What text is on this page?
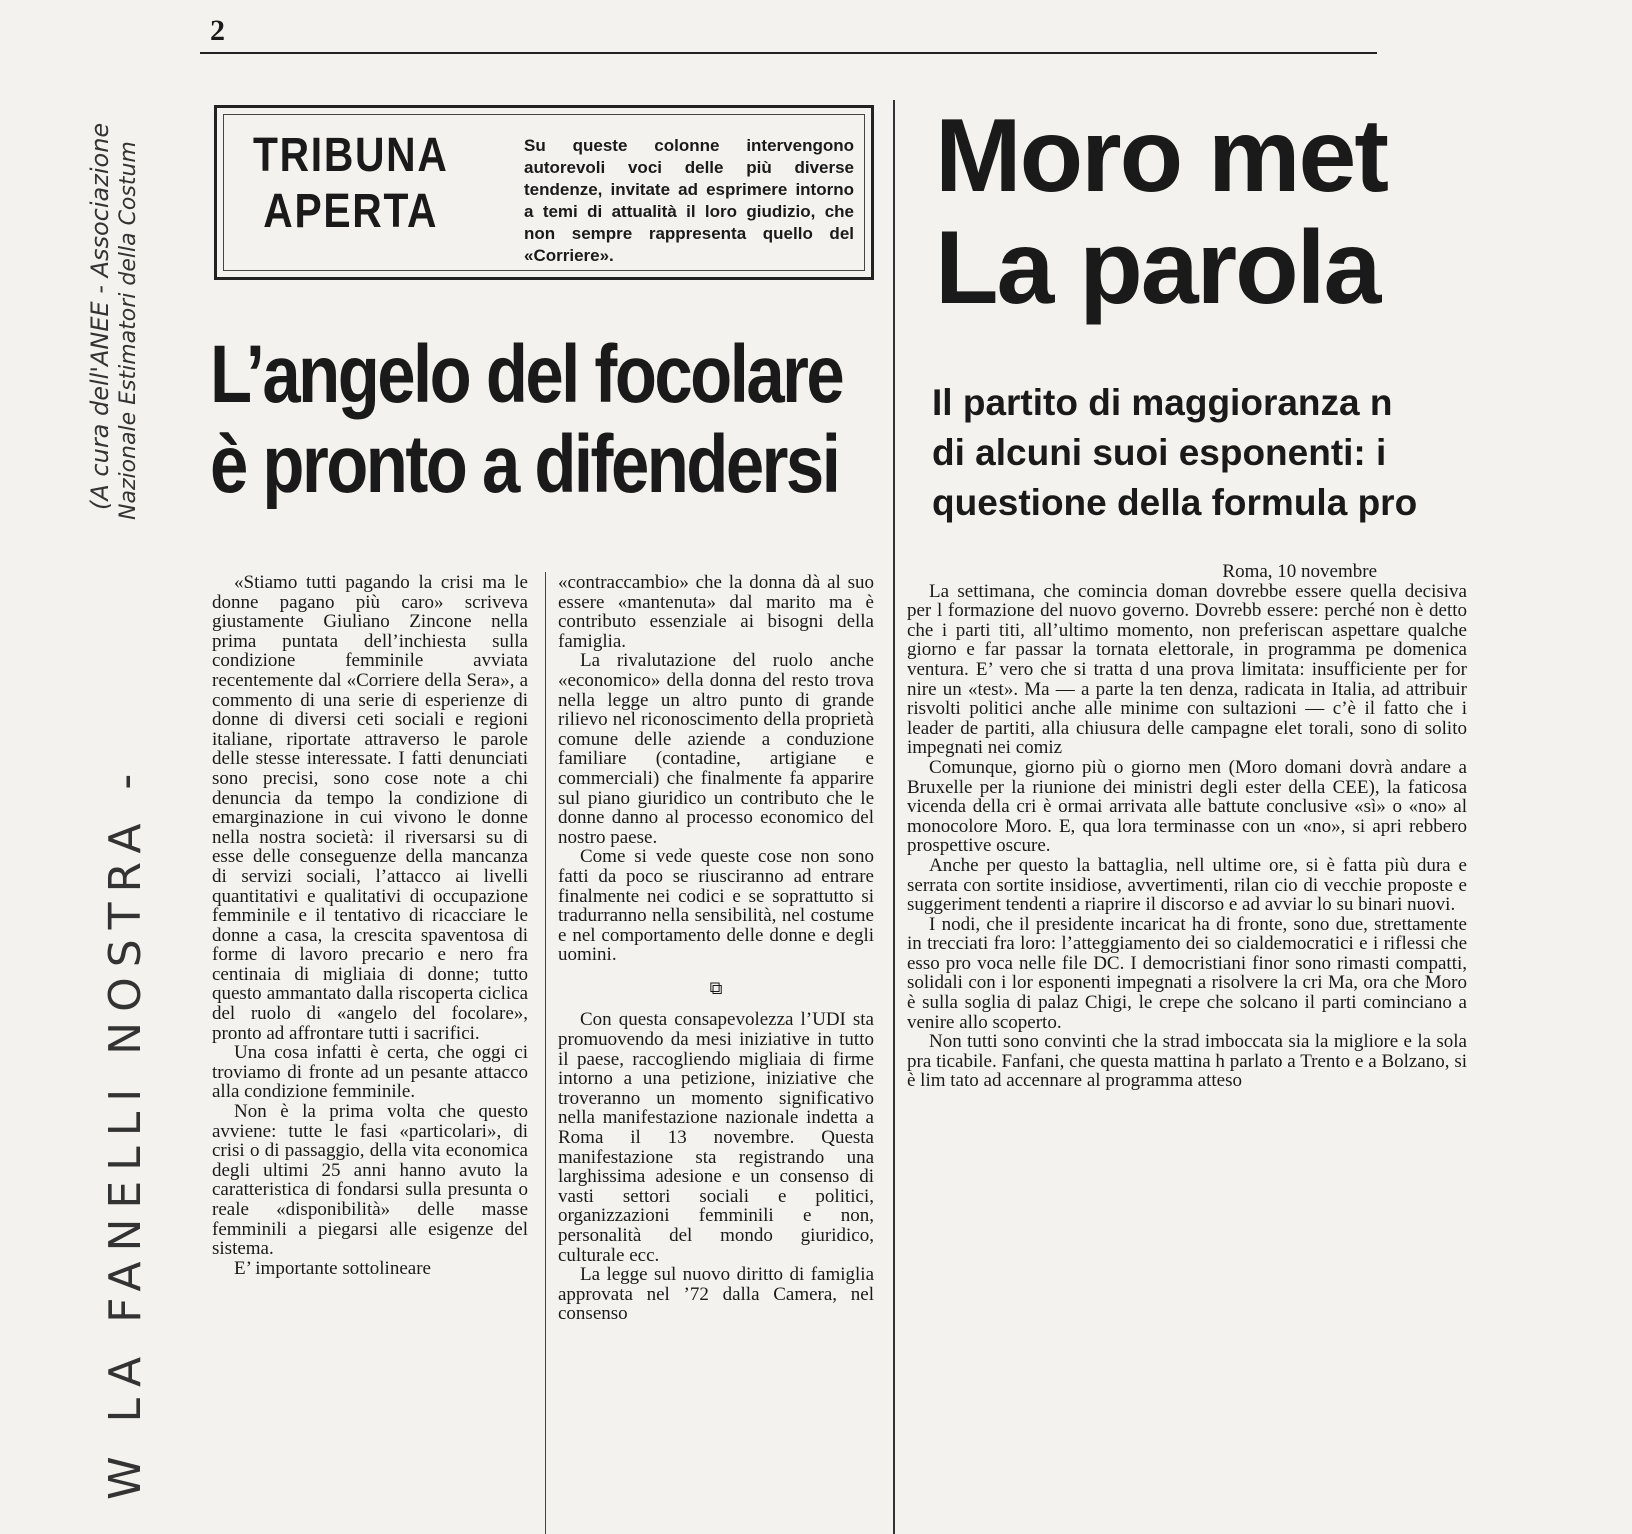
2
(A cura dell'ANEE - Associazione Nazionale Estimatori della Costum
W LA FANELLI NOSTRA -
TRIBUNA
APERTA
Su queste colonne intervengono autorevoli voci delle più diverse tendenze, invitate ad esprimere intorno a temi di attualità il loro giudizio, che non sempre rappresenta quello del «Corriere».
L’angelo del focolare
è pronto a difendersi

«Stiamo tutti pagando la crisi ma le donne pagano più caro» scriveva giustamente Giuliano Zincone nella prima puntata dell’inchiesta sulla condizione femminile avviata recentemente dal «Corriere della Sera», a commento di una serie di esperienze di donne di diversi ceti sociali e regioni italiane, riportate attraverso le parole delle stesse interessate. I fatti denunciati sono precisi, sono cose note a chi denuncia da tempo la condizione di emarginazione in cui vivono le donne nella nostra società: il riversarsi su di esse delle conseguenze della mancanza di servizi sociali, l’attacco ai livelli quantitativi e qualitativi di occupazione femminile e il tentativo di ricacciare le donne a casa, la crescita spaventosa di forme di lavoro precario e nero fra centinaia di migliaia di donne; tutto questo ammantato dalla riscoperta ciclica del ruolo di «angelo del focolare», pronto ad affrontare tutti i sacrifici.

Una cosa infatti è certa, che oggi ci troviamo di fronte ad un pesante attacco alla condizione femminile.

Non è la prima volta che questo avviene: tutte le fasi «particolari», di crisi o di passaggio, della vita economica degli ultimi 25 anni hanno avuto la caratteristica di fondarsi sulla presunta o reale «disponibilità» delle masse femminili a piegarsi alle esigenze del sistema.

E’ importante sottolineare

«contraccambio» che la donna dà al suo essere «mantenuta» dal marito ma è contributo essenziale ai bisogni della famiglia.

La rivalutazione del ruolo anche «economico» della donna del resto trova nella legge un altro punto di grande rilievo nel riconoscimento della proprietà comune delle aziende a conduzione familiare (contadine, artigiane e commerciali) che finalmente fa apparire sul piano giuridico un contributo che le donne danno al processo economico del nostro paese.

Come si vede queste cose non sono fatti da poco se riusciranno ad entrare finalmente nei codici e se soprattutto si tradurranno nella sensibilità, nel costume e nel comportamento delle donne e degli uomini.

⧉

Con questa consapevolezza l’UDI sta promuovendo da mesi iniziative in tutto il paese, raccogliendo migliaia di firme intorno a una petizione, iniziative che troveranno un momento significativo nella manifestazione nazionale indetta a Roma il 13 novembre. Questa manifestazione sta registrando una larghissima adesione e un consenso di vasti settori sociali e politici, organizzazioni femminili e non, personalità del mondo giuridico, culturale ecc.

La legge sul nuovo diritto di famiglia approvata nel ’72 dalla Camera, nel consenso

Moro met
La parola
Il partito di maggioranza n
di alcuni suoi esponenti: i
questione della formula pro
Roma, 10 novembre

La settimana, che comincia doman dovrebbe essere quella decisiva per l formazione del nuovo governo. Dovrebb essere: perché non è detto che i parti titi, all’ultimo momento, non preferiscan aspettare qualche giorno e far passar la tornata elettorale, in programma pe domenica ventura. E’ vero che si tratta d una prova limitata: insufficiente per for nire un «test». Ma — a parte la ten denza, radicata in Italia, ad attribuir risvolti politici anche alle minime con sultazioni — c’è il fatto che i leader de partiti, alla chiusura delle campagne elet torali, sono di solito impegnati nei comiz

Comunque, giorno più o giorno men (Moro domani dovrà andare a Bruxelle per la riunione dei ministri degli ester della CEE), la faticosa vicenda della cri è ormai arrivata alle battute conclusive «sì» o «no» al monocolore Moro. E, qua lora terminasse con un «no», si apri rebbero prospettive oscure.

Anche per questo la battaglia, nell ultime ore, si è fatta più dura e serrata con sortite insidiose, avvertimenti, rilan cio di vecchie proposte e suggeriment tendenti a riaprire il discorso e ad avviar lo su binari nuovi.

I nodi, che il presidente incaricat ha di fronte, sono due, strettamente in trecciati fra loro: l’atteggiamento dei so cialdemocratici e i riflessi che esso pro voca nelle file DC. I democristiani finor sono rimasti compatti, solidali con i lor esponenti impegnati a risolvere la cri Ma, ora che Moro è sulla soglia di palaz Chigi, le crepe che solcano il parti cominciano a venire allo scoperto.

Non tutti sono convinti che la strad imboccata sia la migliore e la sola pra ticabile. Fanfani, che questa mattina h parlato a Trento e a Bolzano, si è lim tato ad accennare al programma atteso
